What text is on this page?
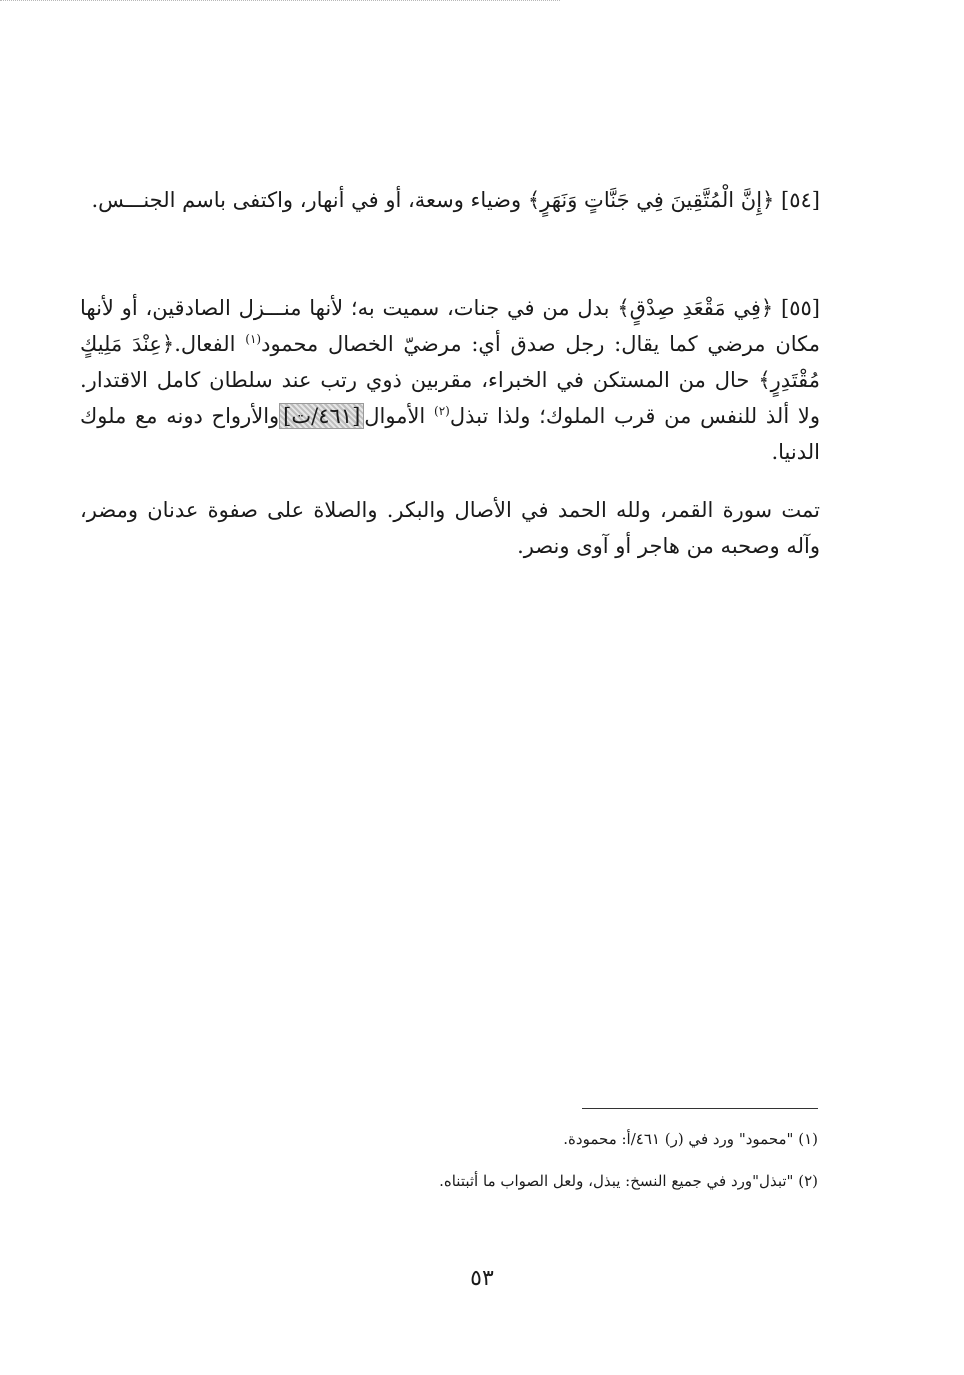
[٥٤] ﴿إِنَّ الْمُتَّقِينَ فِي جَنَّاتٍ وَنَهَرٍ﴾ وضياء وسعة، أو في أنهار، واكتفى باسم الجنـــس.

[٥٥] ﴿فِي مَقْعَدِ صِدْقٍ﴾ بدل من في جنات، سميت به؛ لأنها منـــزل الصادقين، أو لأنها مكان مرضي كما يقال: رجل صدق أي: مرضيّ الخصال محمود$^{(١)}$ الفعال.﴿عِنْدَ مَلِيكٍ مُقْتَدِرٍ﴾ حال من المستكن في الخبراء، مقربين ذوي رتب عند سلطان كامل الاقتدار. ولا ألذ للنفس من قرب الملوك؛ ولذا تبذل$^{(٢)}$ الأموال[٤٦١/ت]والأرواح دونه مع ملوك الدنيا.

تمت سورة القمر، ولله الحمد في الأصال والبكر. والصلاة على صفوة عدنان ومضر، وآله وصحبه من هاجر أو آوى ونصر.

(١) "محمود" ورد في (ر) ٤٦١/أ: محمودة.
(٢) "تبذل"ورد في جميع النسخ: يبذل، ولعل الصواب ما أثبتناه.
٥٣
